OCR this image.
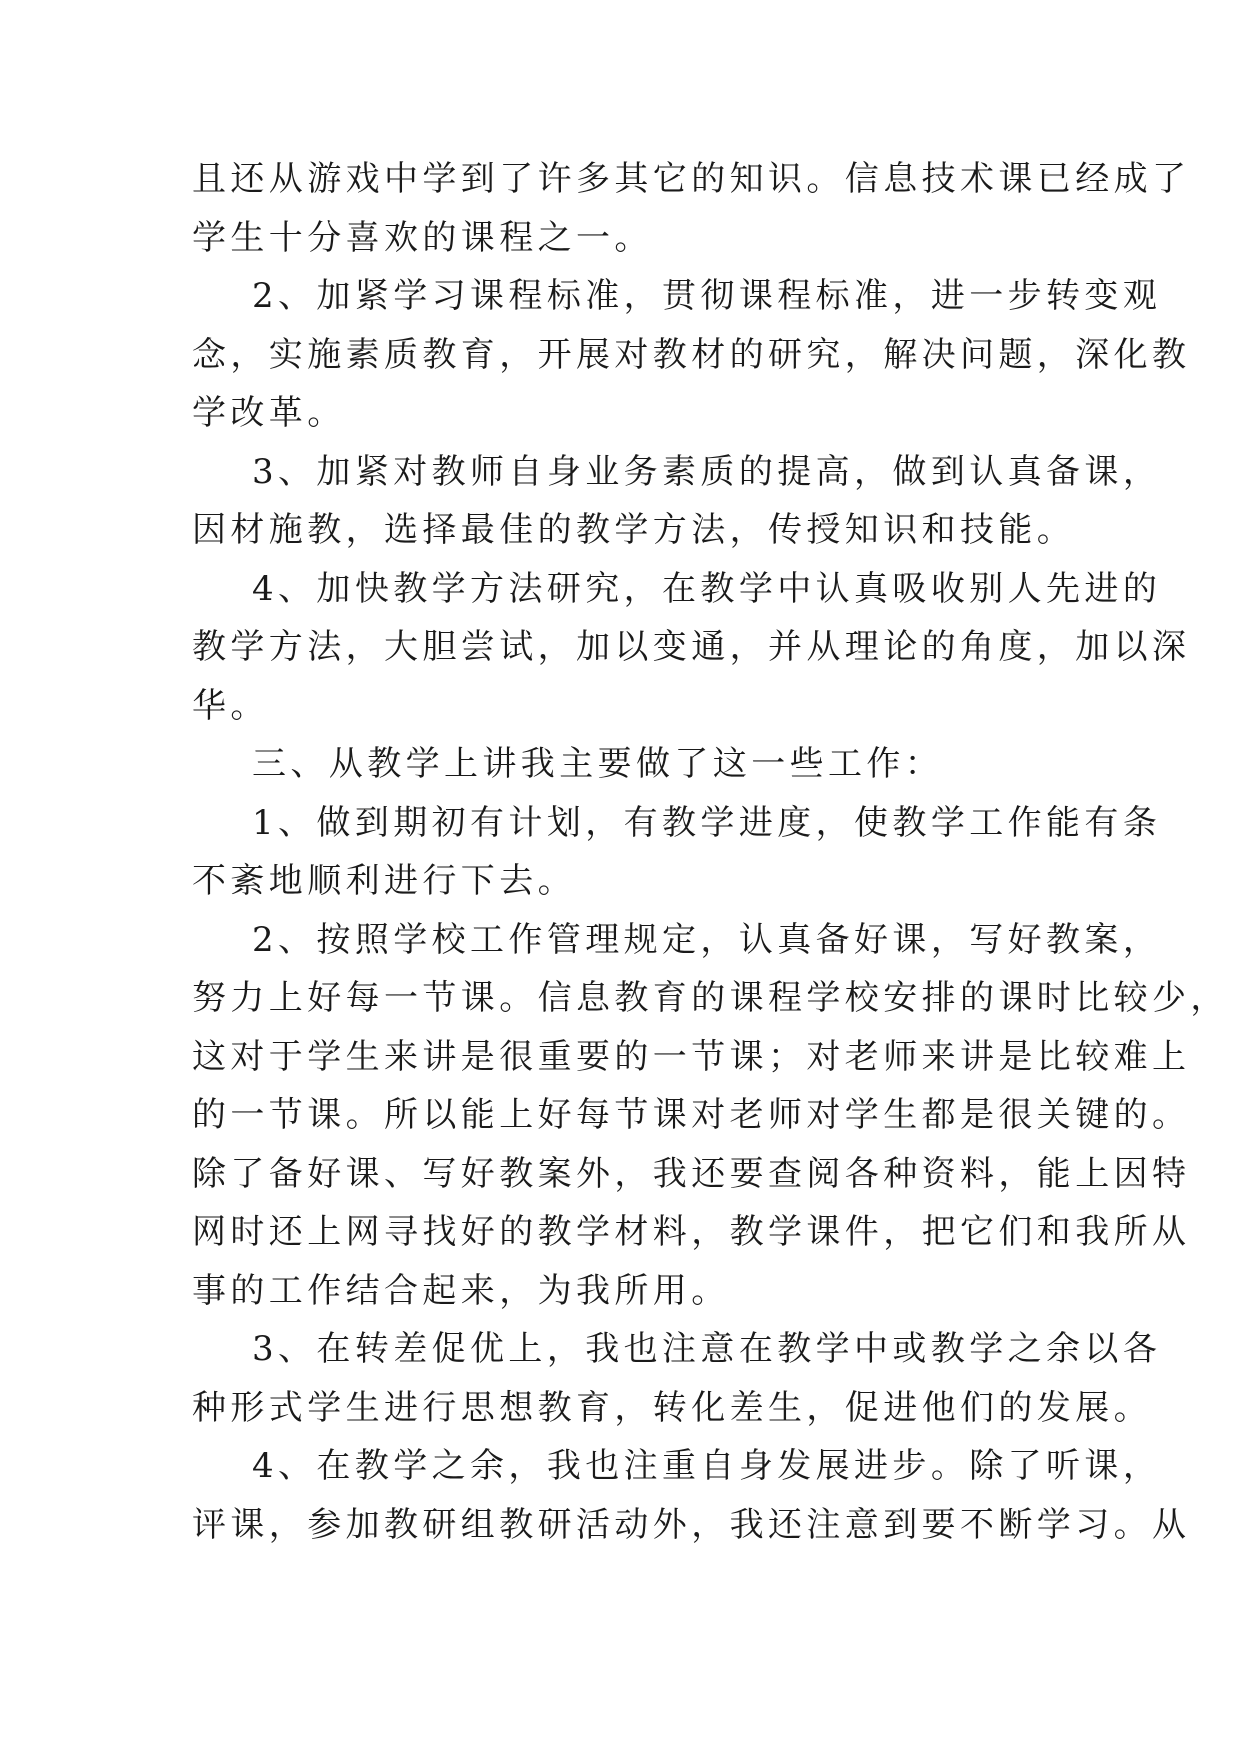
且还从游戏中学到了许多其它的知识。信息技术课已经成了
学生十分喜欢的课程之一。
2、加紧学习课程标准，贯彻课程标准，进一步转变观
念，实施素质教育，开展对教材的研究，解决问题，深化教
学改革。
3、加紧对教师自身业务素质的提高，做到认真备课，
因材施教，选择最佳的教学方法，传授知识和技能。
4、加快教学方法研究，在教学中认真吸收别人先进的
教学方法，大胆尝试，加以变通，并从理论的角度，加以深
华。
三、从教学上讲我主要做了这一些工作：
1、做到期初有计划，有教学进度，使教学工作能有条
不紊地顺利进行下去。
2、按照学校工作管理规定，认真备好课，写好教案，
努力上好每一节课。信息教育的课程学校安排的课时比较少，
这对于学生来讲是很重要的一节课；对老师来讲是比较难上
的一节课。所以能上好每节课对老师对学生都是很关键的。
除了备好课、写好教案外，我还要查阅各种资料，能上因特
网时还上网寻找好的教学材料，教学课件，把它们和我所从
事的工作结合起来，为我所用。
3、在转差促优上，我也注意在教学中或教学之余以各
种形式学生进行思想教育，转化差生，促进他们的发展。
4、在教学之余，我也注重自身发展进步。除了听课，
评课，参加教研组教研活动外，我还注意到要不断学习。从
